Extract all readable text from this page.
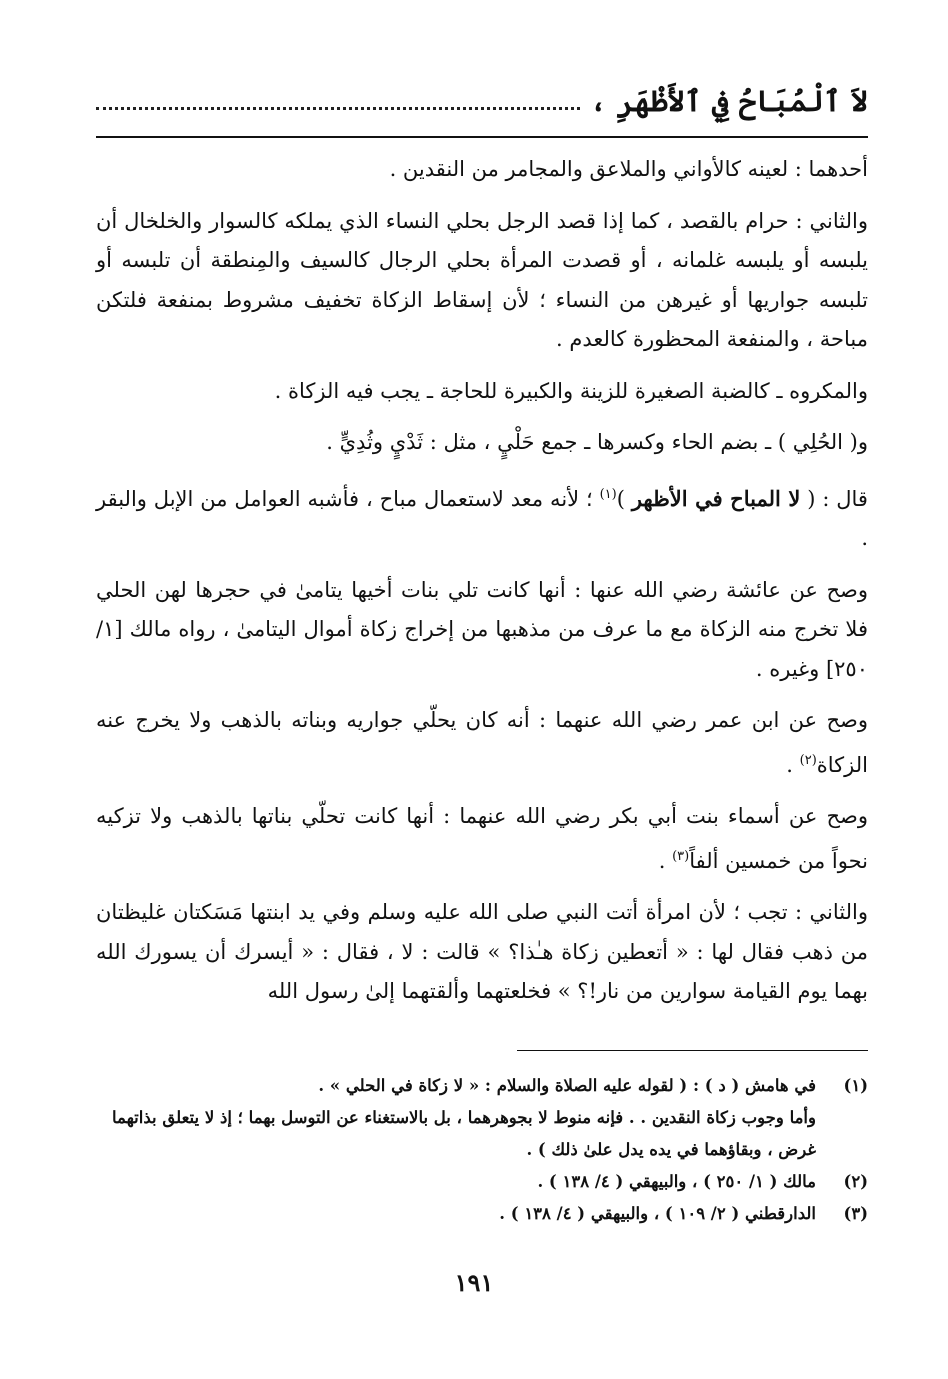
لاَ ٱلْمُبَاحُ فِي ٱلأَظْهَرِ ،

أحدهما : لعينه كالأواني والملاعق والمجامر من النقدين .

والثاني : حرام بالقصد ، كما إذا قصد الرجل بحلي النساء الذي يملكه كالسوار والخلخال أن يلبسه أو يلبسه غلمانه ، أو قصدت المرأة بحلي الرجال كالسيف والمِنطقة أن تلبسه أو تلبسه جواريها أو غيرهن من النساء ؛ لأن إسقاط الزكاة تخفيف مشروط بمنفعة فلتكن مباحة ، والمنفعة المحظورة كالعدم .

والمكروه ـ كالضبة الصغيرة للزينة والكبيرة للحاجة ـ يجب فيه الزكاة .

و( الحُلِي ) ـ بضم الحاء وكسرها ـ جمع حَلْيٍ ، مثل : ثَدْيٍ وثُدِيٍّ .

قال : ( لا المباح في الأظهر )$^{(١)}$ ؛ لأنه معد لاستعمال مباح ، فأشبه العوامل من الإبل والبقر .

وصح عن عائشة رضي الله عنها : أنها كانت تلي بنات أخيها يتامىٰ في حجرها لهن الحلي فلا تخرج منه الزكاة مع ما عرف من مذهبها من إخراج زكاة أموال اليتامىٰ ، رواه مالك [١/ ٢٥٠] وغيره .

وصح عن ابن عمر رضي الله عنهما : أنه كان يحلّي جواريه وبناته بالذهب ولا يخرج عنه الزكاة$^{(٢)}$ .

وصح عن أسماء بنت أبي بكر رضي الله عنهما : أنها كانت تحلّي بناتها بالذهب ولا تزكيه نحواً من خمسين ألفاً$^{(٣)}$ .

والثاني : تجب ؛ لأن امرأة أتت النبي صلى الله عليه وسلم وفي يد ابنتها مَسَكتان غليظتان من ذهب فقال لها : « أتعطين زكاة هـٰذا؟ » قالت : لا ، فقال : « أيسرك أن يسورك الله بهما يوم القيامة سوارين من نار!؟ » فخلعتهما وألقتهما إلىٰ رسول الله

(١)
في هامش ( د ) : ( لقوله عليه الصلاة والسلام : « لا زكاة في الحلي » .
وأما وجوب زكاة النقدين . . فإنه منوط لا بجوهرهما ، بل بالاستغناء عن التوسل بهما ؛ إذ لا يتعلق بذاتهما غرض ، وبقاؤهما في يده يدل علىٰ ذلك ) .
(٢)
مالك ( ١/ ٢٥٠ ) ، والبيهقي ( ٤/ ١٣٨ ) .
(٣)
الدارقطني ( ٢/ ١٠٩ ) ، والبيهقي ( ٤/ ١٣٨ ) .
١٩١
